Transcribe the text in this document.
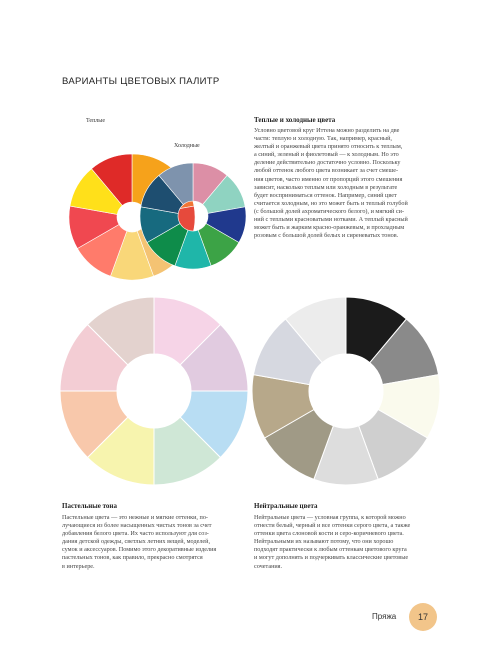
ВАРИАНТЫ ЦВЕТОВЫХ ПАЛИТР
Теплые
Холодные
Теплые и холодные цвета
Условно цветовой круг Иттена можно разделить на две
части: теплую и холодную. Так, например, красный,
желтый и оранжевый цвета принято относить к теплым,
а синий, зеленый и фиолетовый — к холодным. Но это
деление действительно достаточно условно. Поскольку
любой оттенок любого цвета возникает за счет смеше-
ния цветов, часто именно от пропорций этого смешения
зависит, насколько теплым или холодным в результате
будет восприниматься оттенок. Например, синий цвет
считается холодным, но это может быть и теплый голубой
(с большой долей ахроматического белого), и мягкий си-
ний с теплыми красноватыми нотками. А теплый красный
может быть и жарким красно-оранжевым, и прохладным
розовым с большой долей белых и сиреневатых тонов.
Пастельные тона
Пастельные цвета — это нежные и мягкие оттенки, по-
лучающиеся из более насыщенных чистых тонов за счет
добавления белого цвета. Их часто используют для соз-
дания детской одежды, светлых летних вещей, моделей,
сумок и аксессуаров. Помимо этого декоративные изделия
пастельных тонов, как правило, прекрасно смотрятся
в интерьере.
Нейтральные цвета
Нейтральные цвета — условная группа, к которой можно
отнести белый, черный и все оттенки серого цвета, а также
оттенки цвета слоновой кости и серо-коричневого цвета.
Нейтральными их называют потому, что они хорошо
подходят практически к любым оттенкам цветового круга
и могут дополнять и подчеркивать классические цветовые
сочетания.
Пряжа	17
